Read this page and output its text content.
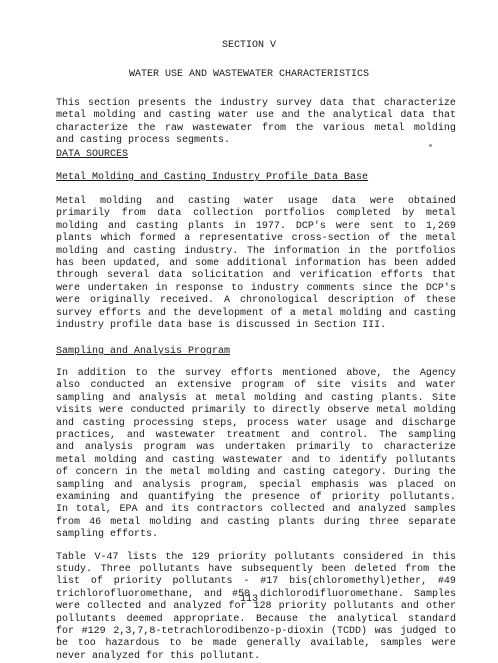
SECTION V
WATER USE AND WASTEWATER CHARACTERISTICS
This section presents the industry survey data that characterize
metal molding and casting water use and the analytical data that
characterize the raw wastewater from the various metal molding
and casting process segments.
DATA SOURCES
Metal Molding and Casting Industry Profile Data Base
Metal molding and casting water usage data were obtained
primarily from data collection portfolios completed by metal
molding and casting plants in 1977. DCP's were sent to 1,269
plants which formed a representative cross-section of the metal
molding and casting industry. The information in the portfolios
has been updated, and some additional information has been added
through several data solicitation and verification efforts that
were undertaken in response to industry comments since the DCP's
were originally received. A chronological description of these
survey efforts and the development of a metal molding and casting
industry profile data base is discussed in Section III.
Sampling and Analysis Program
In addition to the survey efforts mentioned above, the Agency
also conducted an extensive program of site visits and water
sampling and analysis at metal molding and casting plants. Site
visits were conducted primarily to directly observe metal molding
and casting processing steps, process water usage and discharge
practices, and wastewater treatment and control. The sampling
and analysis program was undertaken primarily to characterize
metal molding and casting wastewater and to identify pollutants
of concern in the metal molding and casting category. During the
sampling and analysis program, special emphasis was placed on
examining and quantifying the presence of priority pollutants.
In total, EPA and its contractors collected and analyzed samples
from 46 metal molding and casting plants during three separate
sampling efforts.
Table V-47 lists the 129 priority pollutants considered in this
study. Three pollutants have subsequently been deleted from the
list of priority pollutants - #17 bis(chloromethyl)ether, #49
trichlorofluoromethane, and #50 dichlorodifluoromethane. Samples
were collected and analyzed for 128 priority pollutants and other
pollutants deemed appropriate. Because the analytical standard
for #129 2,3,7,8-tetrachlorodibenzo-p-dioxin (TCDD) was judged to
be too hazardous to be made generally available, samples were
never analyzed for this pollutant.
113
